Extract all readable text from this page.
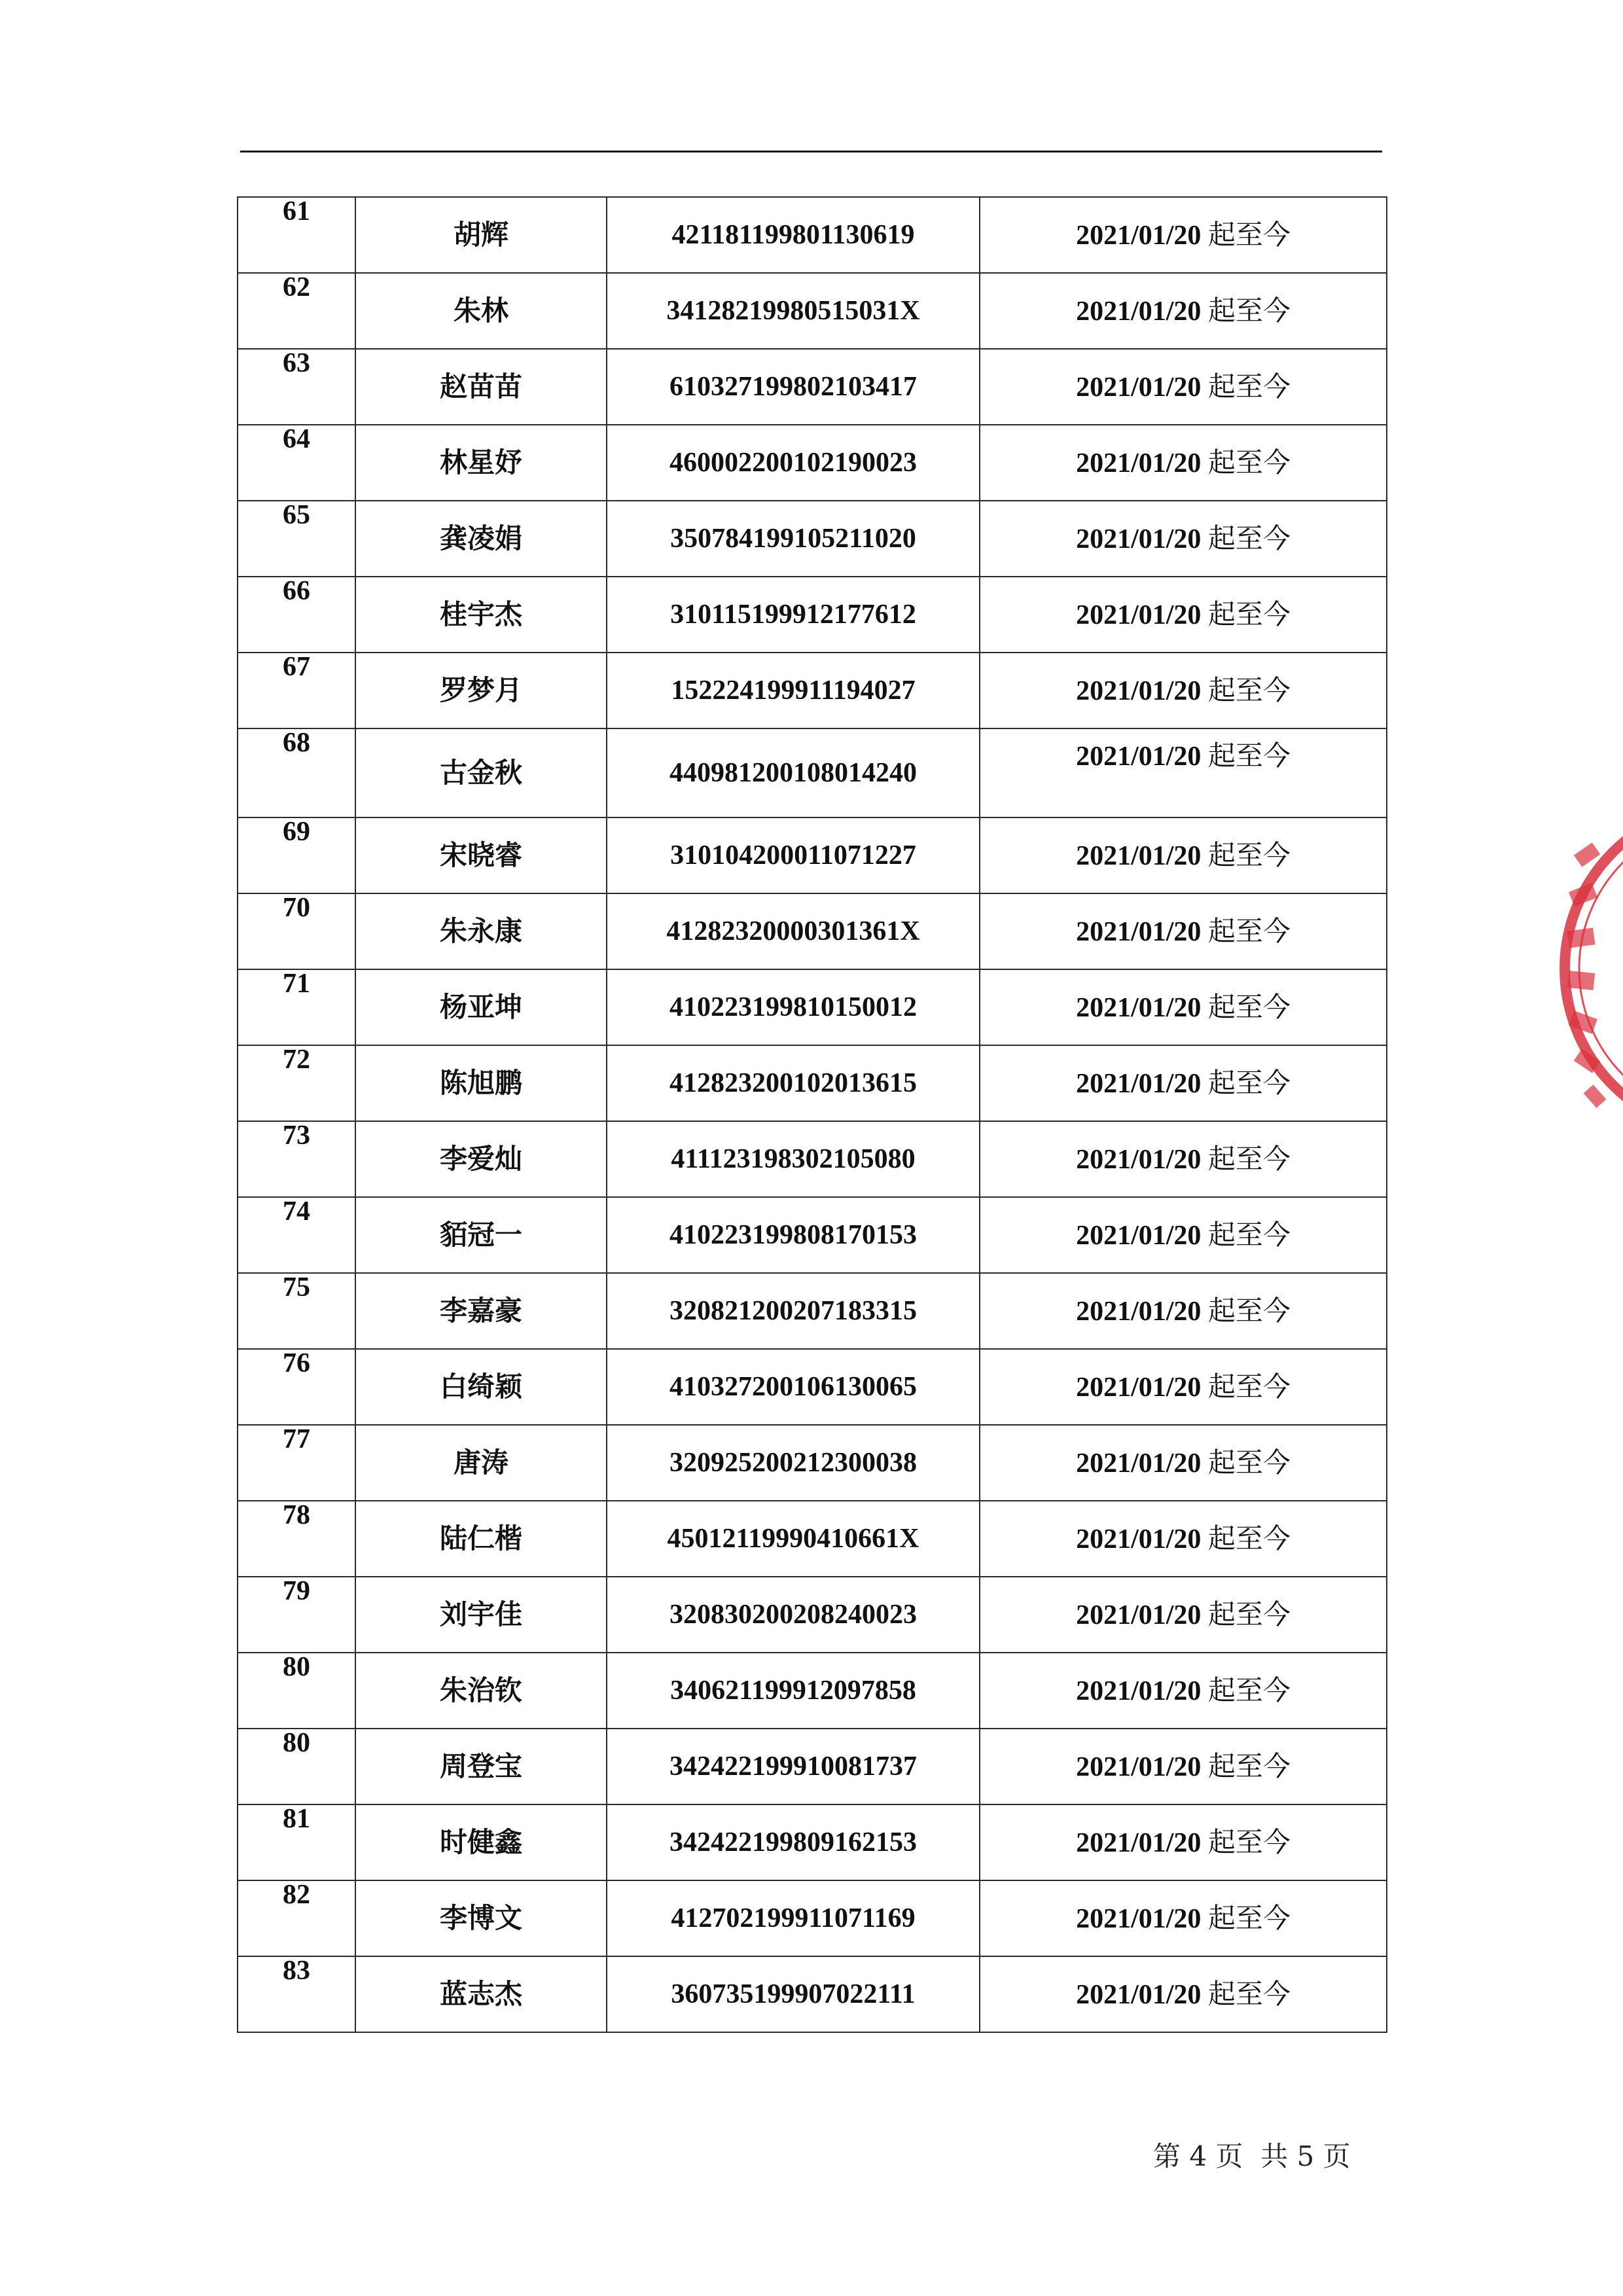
61	胡辉	421181199801130619	2021/01/20 起至今
62	朱林	34128219980515031X	2021/01/20 起至今
63	赵苗苗	610327199802103417	2021/01/20 起至今
64	林星妤	460002200102190023	2021/01/20 起至今
65	龚凌娟	350784199105211020	2021/01/20 起至今
66	桂宇杰	310115199912177612	2021/01/20 起至今
67	罗梦月	152224199911194027	2021/01/20 起至今
68	古金秋	440981200108014240	2021/01/20 起至今
69	宋晓睿	310104200011071227	2021/01/20 起至今
70	朱永康	41282320000301361X	2021/01/20 起至今
71	杨亚坤	410223199810150012	2021/01/20 起至今
72	陈旭鹏	412823200102013615	2021/01/20 起至今
73	李爱灿	411123198302105080	2021/01/20 起至今
74	貊冠一	410223199808170153	2021/01/20 起至今
75	李嘉豪	320821200207183315	2021/01/20 起至今
76	白绮颖	410327200106130065	2021/01/20 起至今
77	唐涛	320925200212300038	2021/01/20 起至今
78	陆仁楷	45012119990410661X	2021/01/20 起至今
79	刘宇佳	320830200208240023	2021/01/20 起至今
80	朱治钦	340621199912097858	2021/01/20 起至今
80	周登宝	342422199910081737	2021/01/20 起至今
81	时健鑫	342422199809162153	2021/01/20 起至今
82	李博文	412702199911071169	2021/01/20 起至今
83	蓝志杰	360735199907022111	2021/01/20 起至今
第 4 页  共 5 页
